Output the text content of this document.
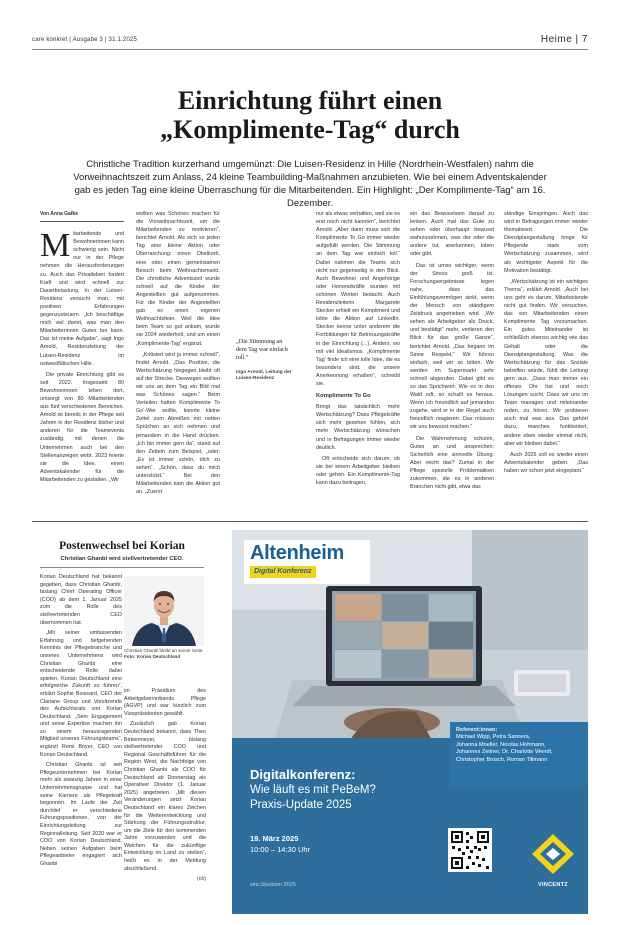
care konkret | Ausgabe 3 | 31.1.2025	Heime | 7
Einrichtung führt einen
„Komplimente-Tag“ durch

Christliche Tradition kurzerhand umgemünzt: Die Luisen-Residenz in Hille (Nordrhein-Westfalen) nahm die Vorweihnachtszeit zum Anlass, 24 kleine Teambuilding-Maßnahmen anzubieten. Wie bei einem Adventskalender gab es jeden Tag eine kleine Überraschung für die Mitarbeitenden. Ein Highlight: „Der Komplimente-Tag“ am 16. Dezember.

Von Anna Gafke
M itarbeitende und Bewohnerinnen kann schwierig sein. Nicht nur in der Pflege nehmen die Herausforderungen zu. Auch das Privatleben fordert Kraft und wird schnell zur Dauerbelastung. In der Luisen-Residenz versucht man, mit positiven Erfahrungen gegenzusteuern. „Ich beschäftige mich viel damit, was man den Mitarbeiterinnen Gutes tun kann. Das ist meine Aufgabe“, sagt Ingo Arnold, Residenzleitung der Luisen-Residenz im ostwestfälischen Hille.

Die private Einrichtung gibt es seit 2022. Insgesamt 80 Bewohnerinnen leben dort, umsorgt von 80 Mitarbeitenden aus fünf verschiedenen Bereichen. Arnold ist bereits in der Pflege seit Jahren in der Residenz bisher und anderen für die Teamevents zuständig, mit denen die Unternehmen auch bei den Stellenanzeigen wirbt. 2023 feierte sie die Idee, einen Adventskalender für die Mitarbeitenden zu gestalten. „Wir

wollten was Schönes machen für die Vorweihnachtszeit, um die Mitarbeitenden zu motivieren“, berichtet Arnold. Als sich so jeden Tag eine kleine Aktion oder Überraschung: einen Obstkorb, eine oder einen gemeinsamen Besuch beim Weihnachtsmarkt. Die christliche Adventszeit wurde schnell auf die Kinder der Angestellten gut aufgenommen. Für die Kinder der Angestellten gab es einen eigenen Weihnachtsfeier. Weil die Idee beim Team so gut ankam, wurde sie 2024 wiederholt, und um einen „Komplimente-Tag“ ergänzt.

„Kritisiert wird ja immer schnell“, findet Arnold. „Das Positive, die Wertschätzung hingegen bleibt oft auf der Strecke. Deswegen wollten wir uns an dem Tag ein Bild mal was Schönes sagen.“ Beim Verteilen hatten Komplimente To Go‘-Wer wollte, konnte kleine Zettel zum Abreißen mit netten Sprüchen an sich nehmen und jemandem in die Hand drücken. „Ich bin immer gern da“, stand auf den Zetteln zum Beispiel, „oder: „Es ist immer schön, dich zu sehen“. „Schön, dass du mich unterstützt.“ Bei den Mitarbeitenden kam die Aktion gut an. „Zuerst

„Die Stimmung an dem Tag war einfach toll.“
Ingo Arnold, Leitung der Luisen-Residenz

nur als etwas verhalten, weil sie es erst noch nicht kannten“, berichtet Arnold. „Aber dann muss sich die Komplimente To Go immer wieder aufgefüllt werden. Die Stimmung an dem Tag war einfach toll.“ Dabei nahmen die Teams sich nicht nur gegenseitig in den Blick. Auch Bewohner und Angehörige oder Honorarkräfte wurden mit schönen Worten bedacht. Auch Residenzleiterin Margarete Stecker erhielt ein Kompliment und lobte die Aktion auf LinkedIn. Stecker kenne unter anderem die Fortbildungen für Betreuungskräfte in der Einrichtung (...). Anders, wo mit viel Idealismus. „Komplimente Tag‘ finde ich eine tolle Idee, die es besonders sind, die unsere Anerkennung erhalten“, schreibt sie.

Komplimente To Go

Bringt das tatsächlich mehr Wertschätzung? Dass Pflegekräfte sich mehr gesehen fühlen, sich mehr Wertschätzung wünschen und in Befragungen immer wieder deutlich.

Oft entscheide sich darum, ob sie bei einem Arbeitgeber bleiben oder gehen. Ein Komplimente-Tag kann dazu beitragen,

ein das Bewusstsein darauf zu lenken. Auch mal das Gute zu sehen oder überhaupt bewusst wahrzunehmen, was der oder die andere tut, anerkennen, loben oder gibt.

Das ist umso wichtiger, wenn der Stress groß ist. Forschungsergebnisse legen nahe, dass das Einfühlungsvermögen sinkt, wenn der Mensch von ständigem Zeitdruck angetrieben wird. „Wir sehen als Arbeitgeber als Druck, und bestätigt“ mehr, verlieren den Blick für das große Ganze“, berichtet Arnold. „Das begann im Sinne Respekt.“ Wir führen einfach, weil wir so bitten. Wir werden im Supermarkt sehr schnell abgerufen. Dabei gibt es so das Sprichwort: Wie es in den Wald ruft, so schallt es heraus. Wenn ich freundlich auf jemanden zugehe, wird er in der Regel auch freundlich reagieren. Das müssen wir uns bewusst machen.“

Die Wahrnehmung schulen, Gutes an und ansprechen: Sicherlich eine sinnvolle Übung. Aber reicht das? Zumal in der Pflege spezielle Problematiken zukommen, die es in anderen Branchen nicht gibt, etwa das

ständige Einspringen. Auch das wird in Befragungen immer wieder thematisiert. Die Dienstplangestaltung hinge für Pflegende stark vom Wertschätzung zusammen, wird als wichtigster Aspekt für die Motivation bestätigt.

„Wertschätzung ist ein wichtiges Thema“, erklärt Arnold. „Auch bei uns geht es darum, Mitarbeitende nicht gut finden. Wir versuchen, das von Mitarbeitenden einen Komplimente Tag vorzumachen. Ein gutes Miteinander ist schließlich ebenso wichtig wie das Gehalt oder die Dienstplangestaltung. Was die Wertschätzung für das Soziale betreffen würde, fühlt die Leitung gern aus. „Dass man immer ein offenes Ohr hat und noch Lösungen sucht. Dass wir uns im Team managen und miteinander reden, zu hören. Wir probieren auch mal was aus. Das gehört dazu, manches funktioniert, andere eben wieder einmal nicht, aber wir bleiben dabei.“

Auch 2025 soll es wieder einen Adventskalender geben. „Das haben wir schon jetzt eingeplant.“

Postenwechsel bei Korian
Christian Ghanbi wird stellvertretender CEO.

Korian Deutschland hat bekannt gegeben, dass Christian Ghanbi, bislang Chief Operating Officer (COO) ab dem 1. Januar 2025 zum die Rolle des stellvertretenden CEO übernommen hat.

„Mit seiner umfassenden Erfahrung und tiefgehenden Kenntnis der Pflegebranche und unseres Unternehmens wird Christian Ghanbi eine entscheidende Rolle dabei spielen, Korian Deutschland eine erfolgreiche Zukunft zu führen“, erklärt Sophie Boissard, CEO der Clariane Group und Vorsitzende des Aufsichtsrats von Korian Deutschland. „Sein Engagement und seine Expertise machen ihn zu einem herausragenden Mitglied unseres Führungsteams“, ergänzt Remi Boyer, CEO von Korian Deutschland.

Christian Ghanbi ist seit Pflegeunternehmen bei Korian mehr als zwanzig Jahren in einer Unternehmensgruppe und hat seine Karriere als Pflegekraft begonnen. Im Laufe der Zeit durchlief er verschiedene Führungspositionen, von der Einrichtungsleitung zur Regionalleitung. Seit 2020 war er COO von Korian Deutschland. Neben seinen Aufgaben beim Pflegeanbieter engagiert sich Ghanbi

Christian Ghanbi bleibt an seiner Seite. Foto: Korian Deutschland

im Präsidium des Arbeitgeberverbands Pflege (AGVP) und war kürzlich zum Vizepräsidenten gewählt.

Zusätzlich gab Korian Deutschland bekannt, dass Theo Birkenmeyer, bislang stellvertretender COO und Regional Geschäftsführer für die Region West, die Nachfolge von Christian Ghanbi als COO für Deutschland ab Donnerstag als Operativer Direktor (1. Januar 2025) angetreten. „Mit diesen Veränderungen setzt Korian Deutschland ein klares Zeichen für die Weiterentwicklung und Stärkung der Führungsstruktur, um die Ziele für den kommenden Jahre vorzuwerden und die Weichen für die zukünftige Entwicklung im Land zu stellen“, heißt es in der Meldung abschließend.

(ck)

Altenheim
Digital Konferenz
Referent:innen:
Michael Wipp, Petra Sannera,
Johanna Moeller, Nicolas Hohmann,
Johannes Zeitner, Dr. Charlotte Wendt,
Christopher Brosch, Roman Tillmann
Digitalkonferenz:
Wie läuft es mit PeBeM?
Praxis-Update 2025
19. März 2025
10:00 – 14:30 Uhr
vinc.li/pebem 2025	VINCENTZ
